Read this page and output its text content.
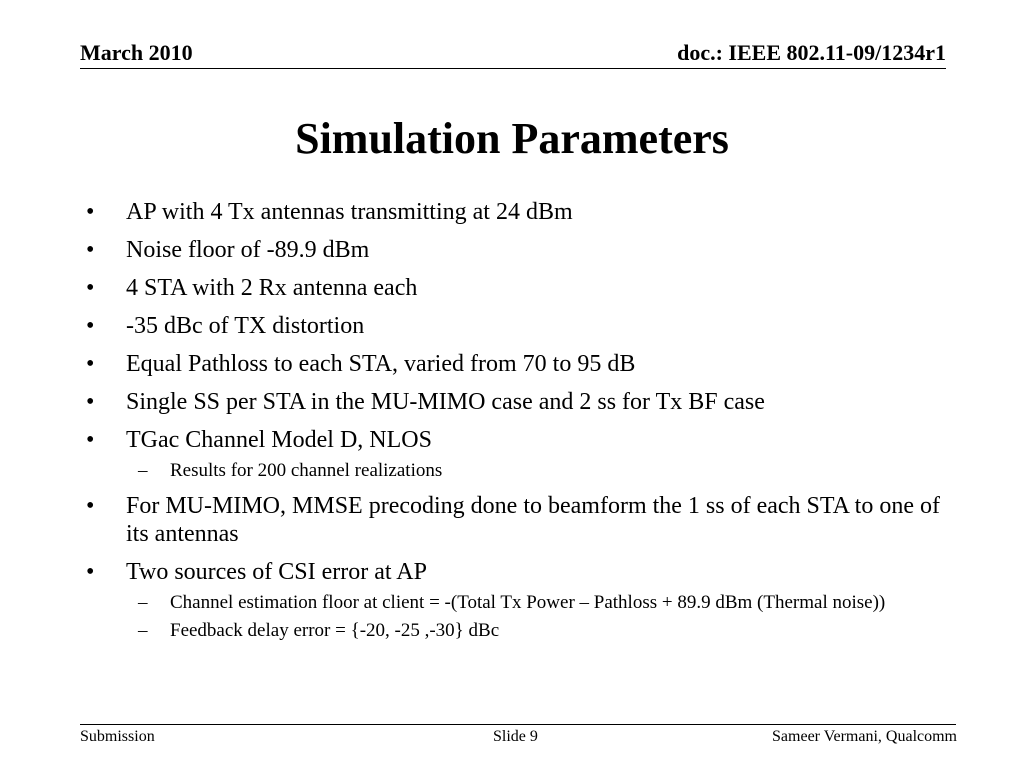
March 2010	doc.: IEEE 802.11-09/1234r1
Simulation Parameters
• AP with 4 Tx antennas transmitting at 24 dBm
• Noise floor of -89.9 dBm
• 4 STA with 2 Rx antenna each
• -35 dBc of TX distortion
• Equal Pathloss to each STA, varied from 70 to 95 dB
• Single SS per STA in the MU-MIMO case and 2 ss for Tx BF case
• TGac Channel Model D, NLOS
– Results for 200 channel realizations
• For MU-MIMO, MMSE precoding done to beamform the 1 ss of each STA to one of its antennas
• Two sources of CSI error at AP
– Channel estimation floor at client = -(Total Tx Power – Pathloss + 89.9 dBm (Thermal noise))
– Feedback delay error = {-20, -25 ,-30} dBc
Submission	Slide 9	Sameer Vermani, Qualcomm
